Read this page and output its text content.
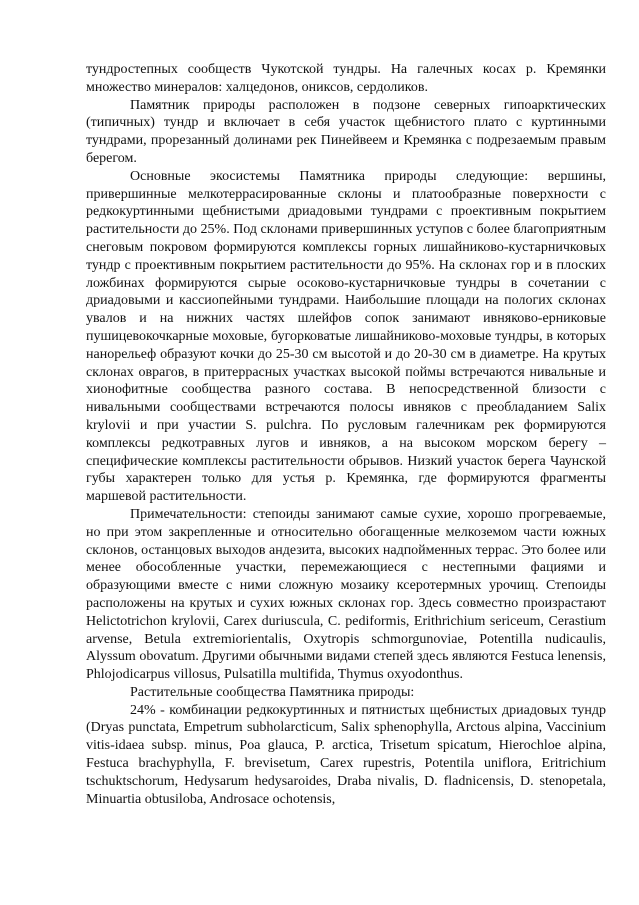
тундростепных сообществ Чукотской тундры. На галечных косах р. Кремянки множество минералов: халцедонов, ониксов, сердоликов.

Памятник природы расположен в подзоне северных гипоарктических (типичных) тундр и включает в себя участок щебнистого плато с куртинными тундрами, прорезанный долинами рек Пинейвеем и Кремянка с подрезаемым правым берегом.

Основные экосистемы Памятника природы следующие: вершины, привершинные мелкотеррасированные склоны и платообразные поверхности с редкокуртинными щебнистыми дриадовыми тундрами с проективным покрытием растительности до 25%. Под склонами привершинных уступов с более благоприятным снеговым покровом формируются комплексы горных лишайниково-кустарничковых тундр с проективным покрытием растительности до 95%. На склонах гор и в плоских ложбинах формируются сырые осоково-кустарничковые тундры в сочетании с дриадовыми и кассиопейными тундрами. Наибольшие площади на пологих склонах увалов и на нижних частях шлейфов сопок занимают ивняково-ерниковые пушицевокочкарные моховые, бугорковатые лишайниково-моховые тундры, в которых нанорельеф образуют кочки до 25-30 см высотой и до 20-30 см в диаметре. На крутых склонах оврагов, в притеррасных участках высокой поймы встречаются нивальные и хионофитные сообщества разного состава. В непосредственной близости с нивальными сообществами встречаются полосы ивняков с преобладанием Salix krylovii и при участии S. pulchra. По русловым галечникам рек формируются комплексы редкотравных лугов и ивняков, а на высоком морском берегу – специфические комплексы растительности обрывов. Низкий участок берега Чаунской губы характерен только для устья р. Кремянка, где формируются фрагменты маршевой растительности.

Примечательности: степоиды занимают самые сухие, хорошо прогреваемые, но при этом закрепленные и относительно обогащенные мелкоземом части южных склонов, останцовых выходов андезита, высоких надпойменных террас. Это более или менее обособленные участки, перемежающиеся с нестепными фациями и образующими вместе с ними сложную мозаику ксеротермных урочищ. Степоиды расположены на крутых и сухих южных склонах гор. Здесь совместно произрастают Helictotrichon krylovii, Carex duriuscula, C. pediformis, Erithrichium sericeum, Cerastium arvense, Betula extremiorientalis, Oxytropis schmorgunoviae, Potentilla nudicaulis, Alyssum obovatum. Другими обычными видами степей здесь являются Festuca lenensis, Phlojodicarpus villosus, Pulsatilla multifida, Thymus oxyodonthus.

Растительные сообщества Памятника природы:

24% - комбинации редкокуртинных и пятнистых щебнистых дриадовых тундр (Dryas punctata, Empetrum subholarcticum, Salix sphenophylla, Arctous alpina, Vaccinium vitis-idaea subsp. minus, Poa glauca, P. arctica, Trisetum spicatum, Hierochloe alpina, Festuca brachyphylla, F. brevisetum, Carex rupestris, Potentila uniflora, Eritrichium tschuktschorum, Hedysarum hedysaroides, Draba nivalis, D. fladnicensis, D. stenopetala, Minuartia obtusiloba, Androsace ochotensis,
